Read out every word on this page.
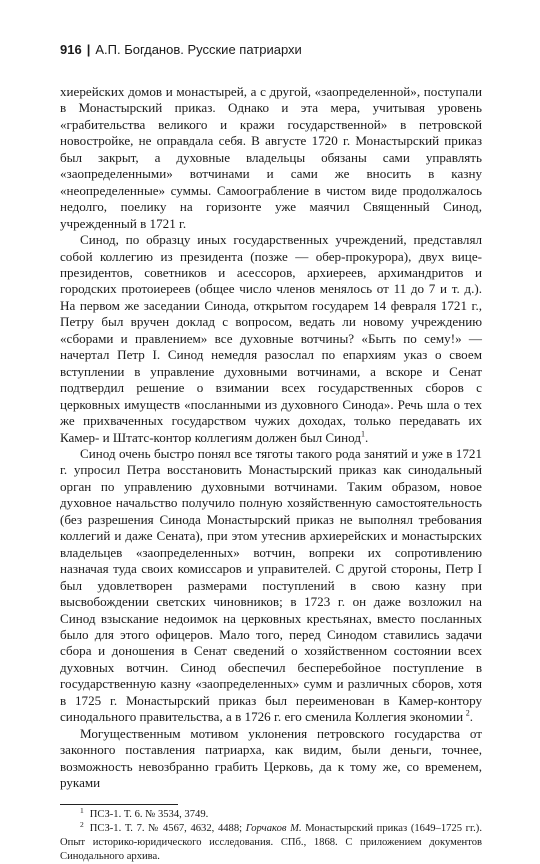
916 | А.П. Богданов. Русские патриархи

хиерейских домов и монастырей, а с другой, «заопределенной», поступали в Монастырский приказ. Однако и эта мера, учитывая уровень «грабительства великого и кражи государственной» в петровской новостройке, не оправдала себя. В августе 1720 г. Монастырский приказ был закрыт, а духовные владельцы обязаны сами управлять «заопределенными» вотчинами и сами же вносить в казну «неопределенные» суммы. Самоограбление в чистом виде продолжалось недолго, поелику на горизонте уже маячил Священный Синод, учрежденный в 1721 г.

Синод, по образцу иных государственных учреждений, представлял собой коллегию из президента (позже — обер-прокурора), двух вице-президентов, советников и асессоров, архиереев, архимандритов и городских протоиереев (общее число членов менялось от 11 до 7 и т. д.). На первом же заседании Синода, открытом государем 14 февраля 1721 г., Петру был вручен доклад с вопросом, ведать ли новому учреждению «сборами и правлением» все духовные вотчины? «Быть по сему!» — начертал Петр I. Синод немедля разослал по епархиям указ о своем вступлении в управление духовными вотчинами, а вскоре и Сенат подтвердил решение о взимании всех государственных сборов с церковных имуществ «посланными из духовного Синода». Речь шла о тех же прихваченных государством чужих доходах, только передавать их Камер- и Штатс-контор коллегиям должен был Синод$^1$.

Синод очень быстро понял все тяготы такого рода занятий и уже в 1721 г. упросил Петра восстановить Монастырский приказ как синодальный орган по управлению духовными вотчинами. Таким образом, новое духовное начальство получило полную хозяйственную самостоятельность (без разрешения Синода Монастырский приказ не выполнял требования коллегий и даже Сената), при этом утеснив архиерейских и монастырских владельцев «заопределенных» вотчин, вопреки их сопротивлению назначая туда своих комиссаров и управителей. С другой стороны, Петр I был удовлетворен размерами поступлений в свою казну при высвобождении светских чиновников; в 1723 г. он даже возложил на Синод взыскание недоимок на церковных крестьянах, вместо посланных было для этого офицеров. Мало того, перед Синодом ставились задачи сбора и доношения в Сенат сведений о хозяйственном состоянии всех духовных вотчин. Синод обеспечил бесперебойное поступление в государственную казну «заопределенных» сумм и различных сборов, хотя в 1725 г. Монастырский приказ был переименован в Камер-контору синодального правительства, а в 1726 г. его сменила Коллегия экономии  $^2$.

Могущественным мотивом уклонения петровского государства от законного поставления патриарха, как видим, были деньги, точнее, возможность невозбранно грабить Церковь, да к тому же, со временем, руками

$^1$ ПСЗ-1. Т. 6. № 3534, 3749.

$^2$ ПСЗ-1. Т. 7. № 4567, 4632, 4488; Горчаков М. Монастырский приказ (1649–1725 гг.). Опыт историко-юридического исследования. СПб., 1868. С приложением документов Синодального архива.
